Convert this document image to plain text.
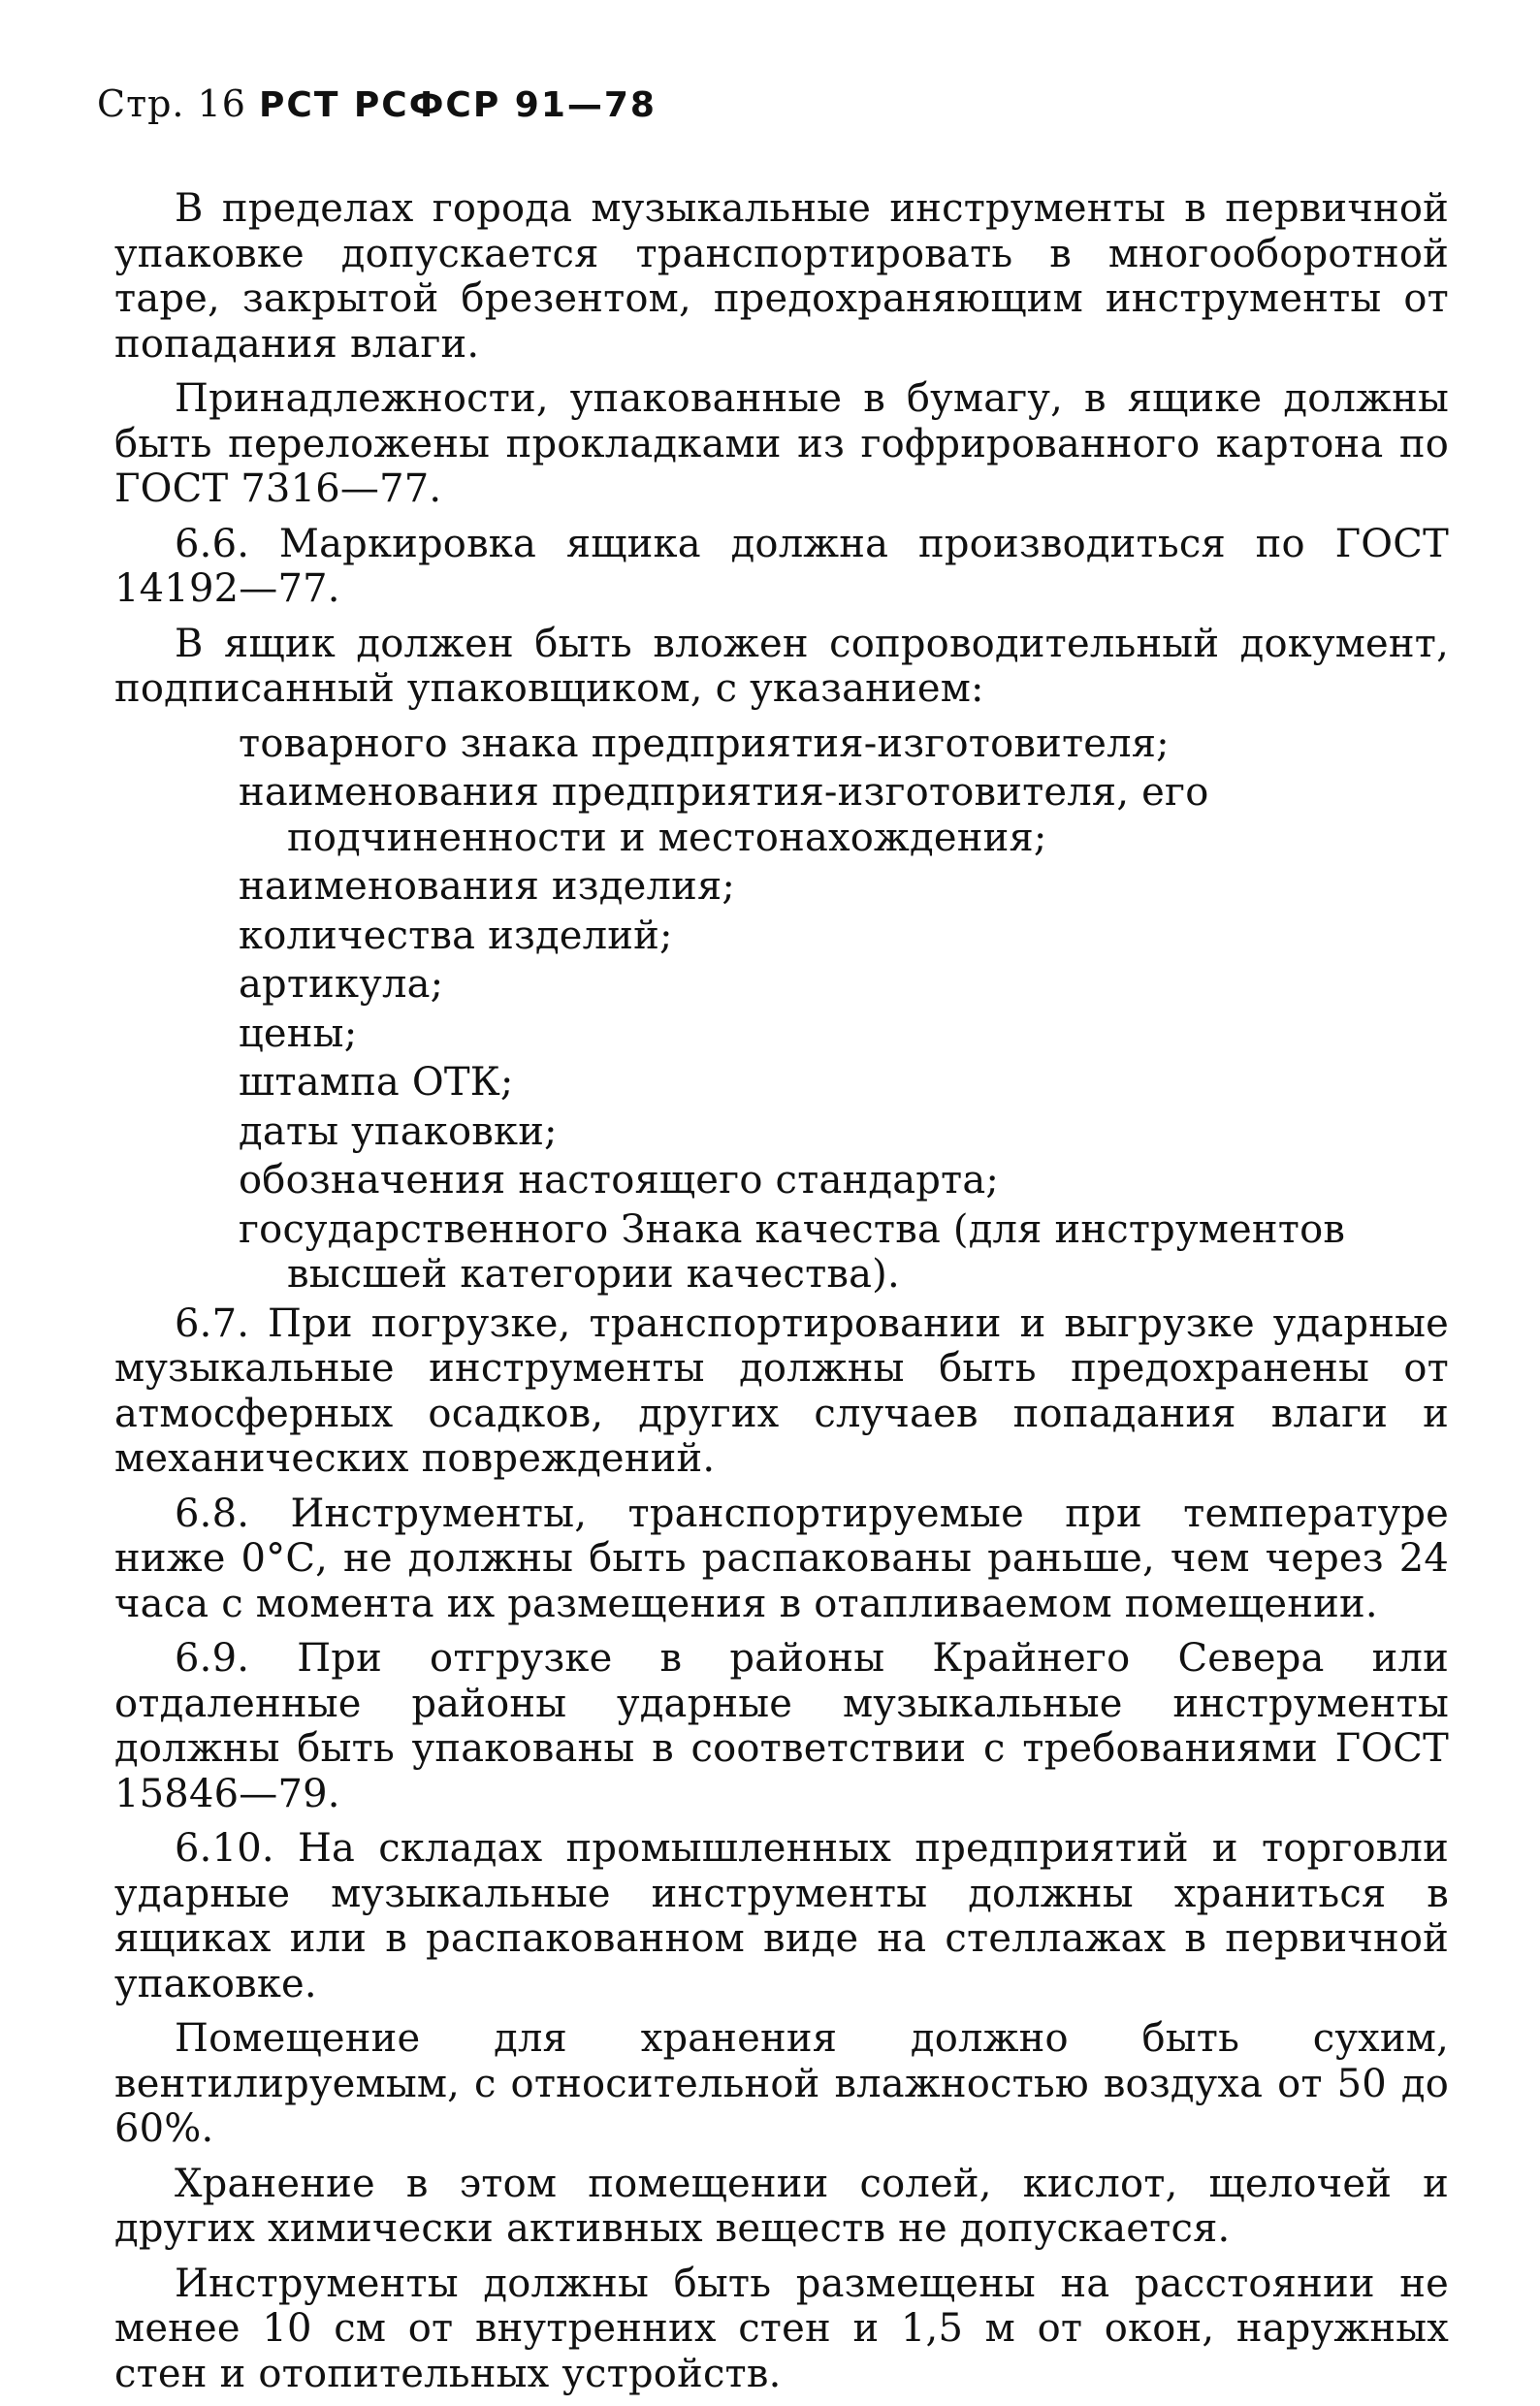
Стр. 16 РСТ РСФСР 91—78

В пределах города музыкальные инструменты в первичной упаковке допускается транспортировать в многооборотной таре, закрытой брезентом, предохраняющим инструменты от попадания влаги.

Принадлежности, упакованные в бумагу, в ящике должны быть переложены прокладками из гофрированного картона по ГОСТ 7316—77.

6.6. Маркировка ящика должна производиться по ГОСТ 14192—77.

В ящик должен быть вложен сопроводительный документ, подписанный упаковщиком, с указанием:

товарного знака предприятия-изготовителя;
наименования предприятия-изготовителя, его подчиненности и местонахождения;
наименования изделия;
количества изделий;
артикула;
цены;
штампа ОТК;
даты упаковки;
обозначения настоящего стандарта;
государственного Знака качества (для инструментов высшей категории качества).

6.7. При погрузке, транспортировании и выгрузке ударные музыкальные инструменты должны быть предохранены от атмосферных осадков, других случаев попадания влаги и механических повреждений.

6.8. Инструменты, транспортируемые при температуре ниже 0°С, не должны быть распакованы раньше, чем через 24 часа с момента их размещения в отапливаемом помещении.

6.9. При отгрузке в районы Крайнего Севера или отдаленные районы ударные музыкальные инструменты должны быть упакованы в соответствии с требованиями ГОСТ 15846—79.

6.10. На складах промышленных предприятий и торговли ударные музыкальные инструменты должны храниться в ящиках или в распакованном виде на стеллажах в первичной упаковке.

Помещение для хранения должно быть сухим, вентилируемым, с относительной влажностью воздуха от 50 до 60%.

Хранение в этом помещении солей, кислот, щелочей и других химически активных веществ не допускается.

Инструменты должны быть размещены на расстоянии не менее 10 см от внутренних стен и 1,5 м от окон, наружных стен и отопительных устройств.
